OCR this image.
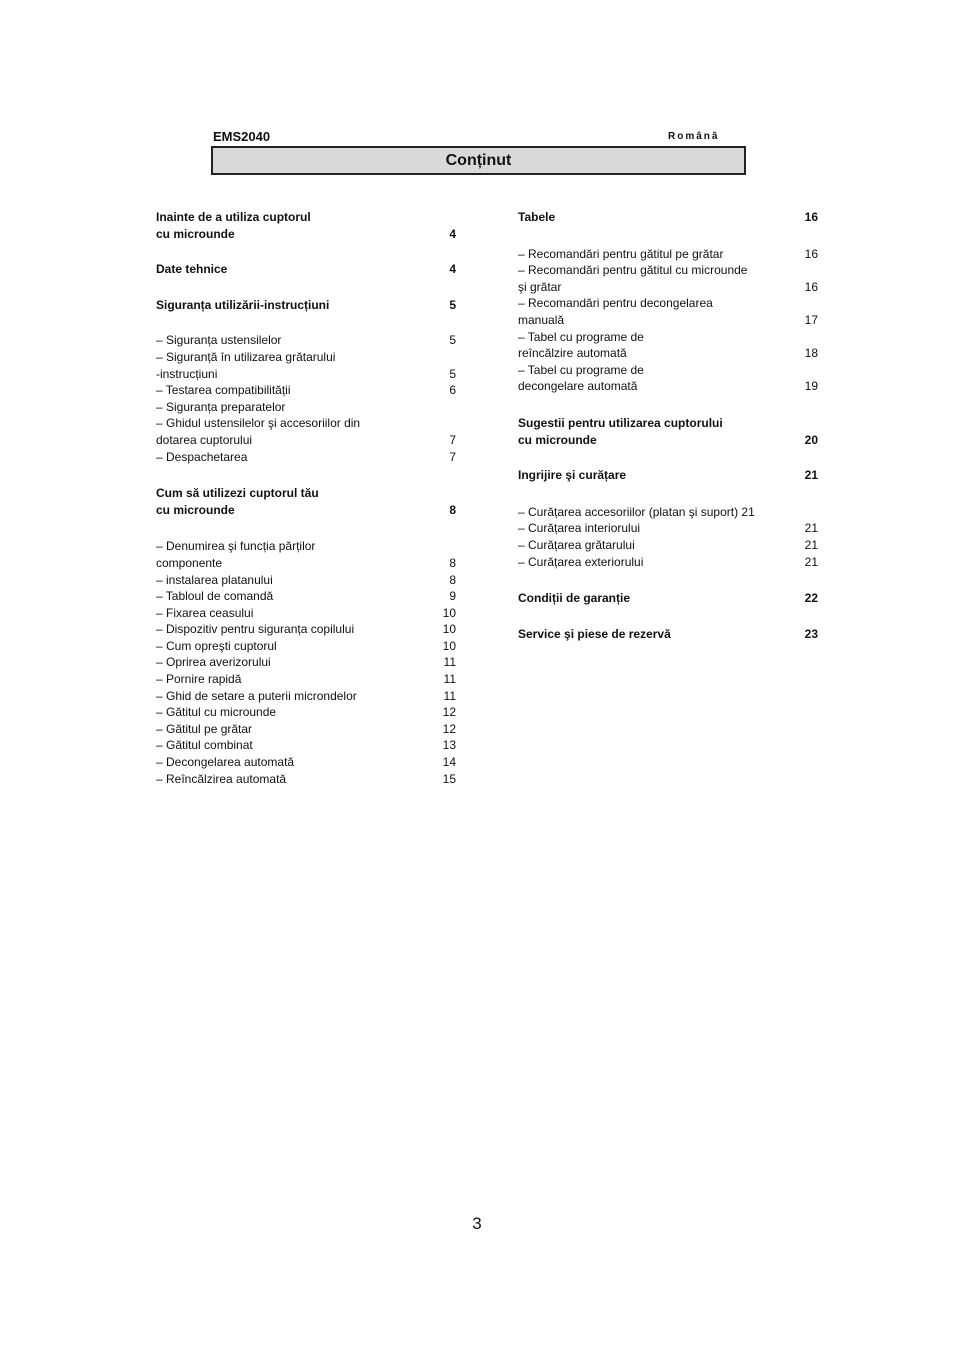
EMS2040	Română
Conținut
Inainte de a utiliza cuptorul
cu microunde	4
Date tehnice	4
Siguranța utilizării-instrucțiuni	5
– Siguranța ustensilelor	5
– Siguranță în utilizarea grătarului
-instrucțiuni	5
– Testarea compatibilității	6
– Siguranța preparatelor
– Ghidul ustensilelor şi accesoriilor din
dotarea cuptorului	7
– Despachetarea	7
Cum să utilizezi cuptorul tău
cu microunde	8
– Denumirea şi funcția părților
componente	8
– instalarea platanului	8
– Tabloul de comandă	9
– Fixarea ceasului	10
– Dispozitiv pentru siguranța copilului	10
– Cum opreşti cuptorul	10
– Oprirea averizorului	11
– Pornire rapidă	11
– Ghid de setare a puterii microndelor	11
– Gătitul cu microunde	12
– Gătitul pe grătar	12
– Gătitul combinat	13
– Decongelarea automată	14
– Reîncălzirea automată	15
Tabele	16
– Recomandări pentru gătitul pe grătar	16
– Recomandări pentru gătitul cu microunde
şi grătar	16
– Recomandări pentru decongelarea
manuală	17
– Tabel cu programe de
reîncălzire automată	18
– Tabel cu programe de
decongelare automată	19
Sugestii pentru utilizarea cuptorului
cu microunde	20
Ingrijire şi curățare	21
– Curățarea accesoriilor (platan şi suport) 21
– Curățarea interiorului	21
– Curățarea grătarului	21
– Curățarea exteriorului	21
Condiții de garanție	22
Service şi piese de rezervă	23
3
